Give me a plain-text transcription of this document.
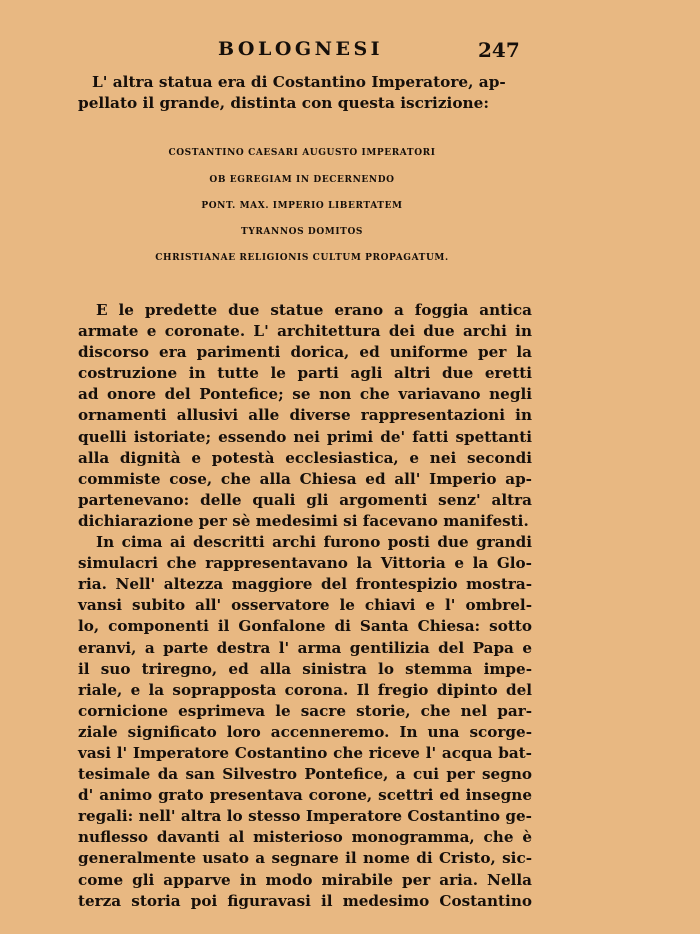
BOLOGNESI	247
L' altra statua era di Costantino Imperatore, ap-
pellato il grande, distinta con questa iscrizione:
COSTANTINO CAESARI AUGUSTO IMPERATORI
OB EGREGIAM IN DECERNENDO
PONT. MAX. IMPERIO LIBERTATEM
TYRANNOS DOMITOS
CHRISTIANAE RELIGIONIS CULTUM PROPAGATUM.
E le predette due statue erano a foggia antica
armate e coronate. L' architettura dei due archi in
discorso era parimenti dorica, ed uniforme per la
costruzione in tutte le parti agli altri due eretti
ad onore del Pontefice; se non che variavano negli
ornamenti allusivi alle diverse rappresentazioni in
quelli istoriate; essendo nei primi de' fatti spettanti
alla dignità e potestà ecclesiastica, e nei secondi
commiste cose, che alla Chiesa ed all' Imperio ap-
partenevano: delle quali gli argomenti senz' altra
dichiarazione per sè medesimi si facevano manifesti.
In cima ai descritti archi furono posti due grandi
simulacri che rappresentavano la Vittoria e la Glo-
ria. Nell' altezza maggiore del frontespizio mostra-
vansi subito all' osservatore le chiavi e l' ombrel-
lo, componenti il Gonfalone di Santa Chiesa: sotto
eranvi, a parte destra l' arma gentilizia del Papa e
il suo triregno, ed alla sinistra lo stemma impe-
riale, e la soprapposta corona. Il fregio dipinto del
cornicione esprimeva le sacre storie, che nel par-
ziale significato loro accenneremo. In una scorge-
vasi l' Imperatore Costantino che riceve l' acqua bat-
tesimale da san Silvestro Pontefice, a cui per segno
d' animo grato presentava corone, scettri ed insegne
regali: nell' altra lo stesso Imperatore Costantino ge-
nuflesso davanti al misterioso monogramma, che è
generalmente usato a segnare il nome di Cristo, sic-
come gli apparve in modo mirabile per aria. Nella
terza storia poi figuravasi il medesimo Costantino
